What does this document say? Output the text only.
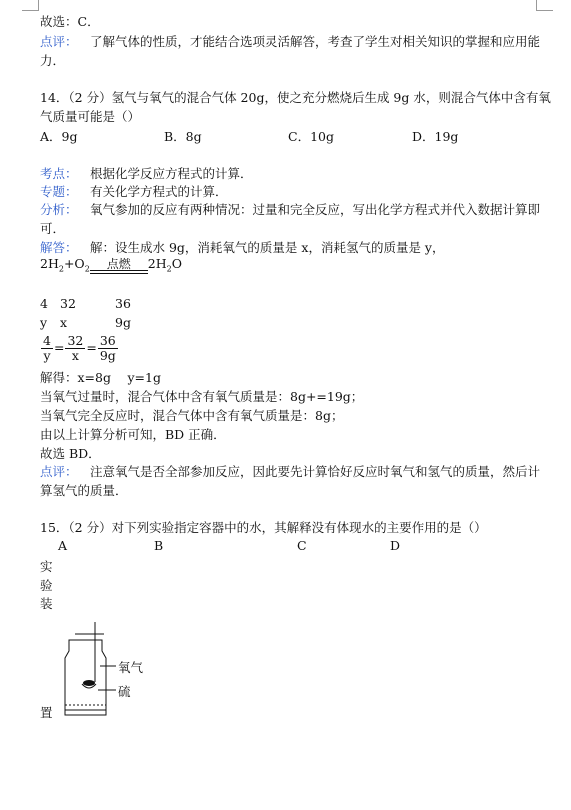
故选：C．
点评： 了解气体的性质，才能结合选项灵活解答，考查了学生对相关知识的掌握和应用能
力．
14．（2 分）氢气与氧气的混合气体 20g，使之充分燃烧后生成 9g 水，则混合气体中含有氧
气质量可能是（）
A．9g	B．8g	C．10g	D．19g
考点： 根据化学反应方程式的计算．
专题： 有关化学方程式的计算．
分析： 氧气参加的反应有两种情况：过量和完全反应，写出化学方程式并代入数据计算即
可．
解答： 解：设生成水 9g，消耗氧气的质量是 x，消耗氢气的质量是 y，
$2H_2+O_2$	点燃	$2H_2O$
4 32	36
y x	9g
$\frac{4}{y} = \frac{32}{x} = \frac{36}{9g}$
解得：x=8g　 y=1g
当氧气过量时，混合气体中含有氧气质量是：8g+=19g；
当氧气完全反应时，混合气体中含有氧气质量是：8g；
由以上计算分析可知，BD 正确．
故选 BD．
点评： 注意氧气是否全部参加反应，因此要先计算恰好反应时氧气和氢气的质量，然后计
算氢气的质量．
15．（2 分）对下列实验指定容器中的水，其解释没有体现水的主要作用的是（）
A	B	C	D
实
验
装
置
氧气
硫
